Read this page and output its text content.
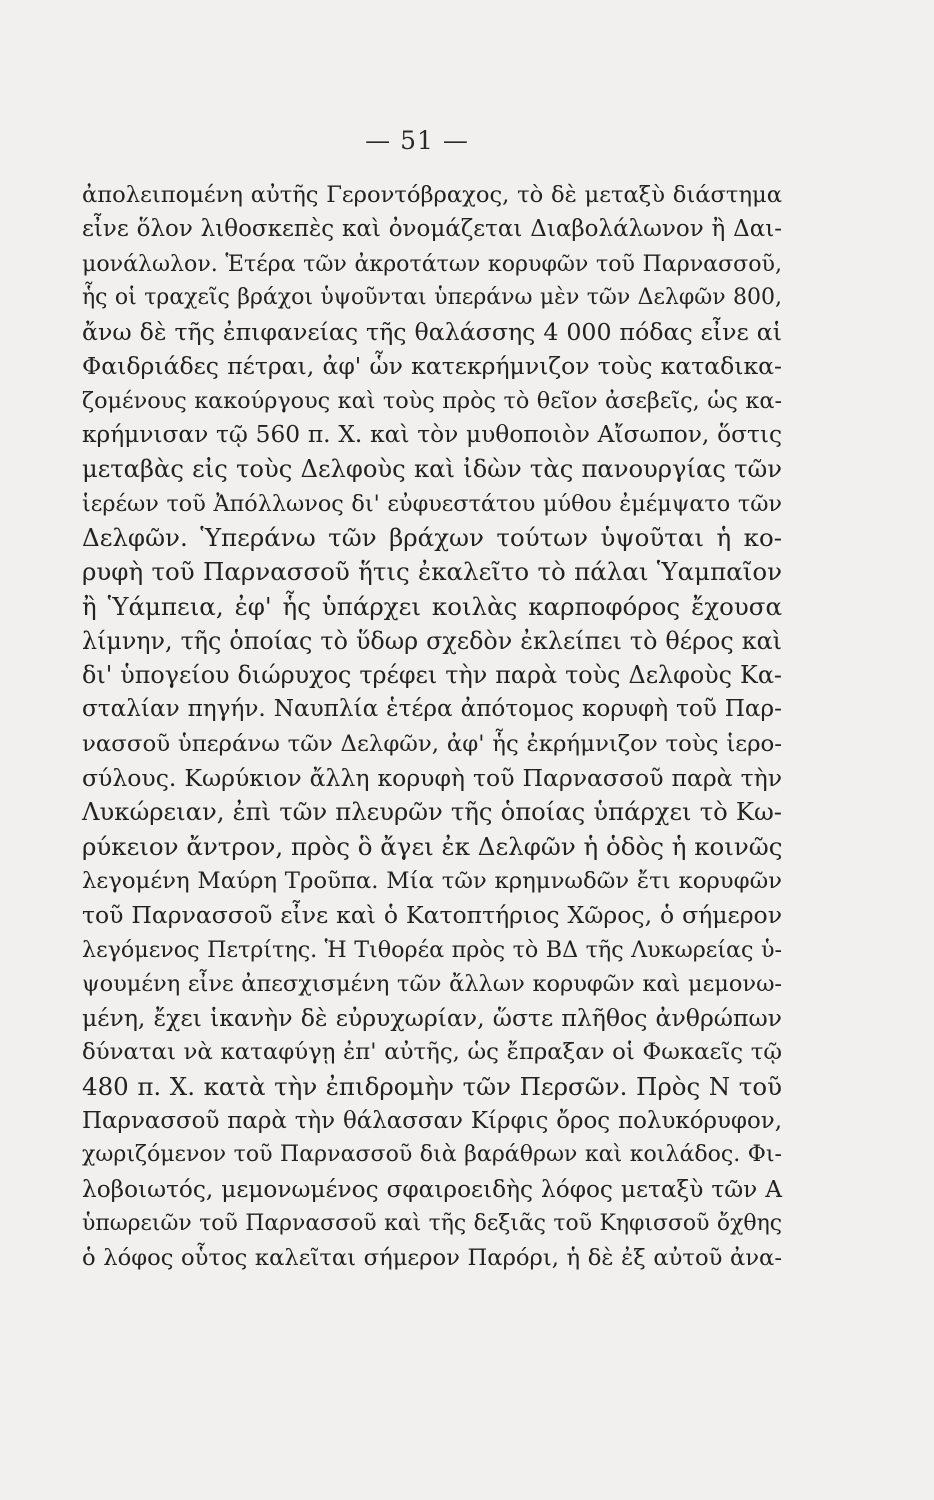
— 51 —
ἀπολειπομένη αὐτῆς Γεροντόβραχος, τὸ δὲ μεταξὺ διάστημα
εἶνε ὅλον λιθοσκεπὲς καὶ ὀνομάζεται Διαβολάλωνον ἢ Δαι-
μονάλωλον. Ἑτέρα τῶν ἀκροτάτων κορυφῶν τοῦ Παρνασσοῦ,
ἧς οἱ τραχεῖς βράχοι ὑψοῦνται ὑπεράνω μὲν τῶν Δελφῶν 800,
ἄνω δὲ τῆς ἐπιφανείας τῆς θαλάσσης 4 000 πόδας εἶνε αἱ
Φαιδριάδες πέτραι, ἀφ' ὧν κατεκρήμνιζον τοὺς καταδικα-
ζομένους κακούργους καὶ τοὺς πρὸς τὸ θεῖον ἀσεβεῖς, ὡς κα-
κρήμνισαν τῷ 560 π. Χ. καὶ τὸν μυθοποιὸν Αἴσωπον, ὅστις
μεταβὰς εἰς τοὺς Δελφοὺς καὶ ἰδὼν τὰς πανουργίας τῶν
ἱερέων τοῦ Ἀπόλλωνος δι' εὐφυεστάτου μύθου ἐμέμψατο τῶν
Δελφῶν. Ὑπεράνω τῶν βράχων τούτων ὑψοῦται ἡ κο-
ρυφὴ τοῦ Παρνασσοῦ ἥτις ἐκαλεῖτο τὸ πάλαι Ὑαμπαῖον
ἢ Ὑάμπεια, ἐφ' ἧς ὑπάρχει κοιλὰς καρποφόρος ἔχουσα
λίμνην, τῆς ὁποίας τὸ ὕδωρ σχεδὸν ἐκλείπει τὸ θέρος καὶ
δι' ὑπογείου διώρυχος τρέφει τὴν παρὰ τοὺς Δελφοὺς Κα-
σταλίαν πηγήν. Ναυπλία ἑτέρα ἀπότομος κορυφὴ τοῦ Παρ-
νασσοῦ ὑπεράνω τῶν Δελφῶν, ἀφ' ἧς ἐκρήμνιζον τοὺς ἱερο-
σύλους. Κωρύκιον ἄλλη κορυφὴ τοῦ Παρνασσοῦ παρὰ τὴν
Λυκώρειαν, ἐπὶ τῶν πλευρῶν τῆς ὁποίας ὑπάρχει τὸ Κω-
ρύκειον ἄντρον, πρὸς ὃ ἄγει ἐκ Δελφῶν ἡ ὁδὸς ἡ κοινῶς
λεγομένη Μαύρη Τροῦπα. Μία τῶν κρημνωδῶν ἔτι κορυφῶν
τοῦ Παρνασσοῦ εἶνε καὶ ὁ Κατοπτήριος Χῶρος, ὁ σήμερον
λεγόμενος Πετρίτης. Ἡ Τιθορέα πρὸς τὸ ΒΔ τῆς Λυκωρείας ὑ-
ψουμένη εἶνε ἀπεσχισμένη τῶν ἄλλων κορυφῶν καὶ μεμονω-
μένη, ἔχει ἱκανὴν δὲ εὐρυχωρίαν, ὥστε πλῆθος ἀνθρώπων
δύναται νὰ καταφύγῃ ἐπ' αὐτῆς, ὡς ἔπραξαν οἱ Φωκαεῖς τῷ
480 π. Χ. κατὰ τὴν ἐπιδρομὴν τῶν Περσῶν. Πρὸς Ν τοῦ
Παρνασσοῦ παρὰ τὴν θάλασσαν Κίρφις ὄρος πολυκόρυφον,
χωριζόμενον τοῦ Παρνασσοῦ διὰ βαράθρων καὶ κοιλάδος. Φι-
λοβοιωτός, μεμονωμένος σφαιροειδὴς λόφος μεταξὺ τῶν Α
ὑπωρειῶν τοῦ Παρνασσοῦ καὶ τῆς δεξιᾶς τοῦ Κηφισσοῦ ὄχθης
ὁ λόφος οὗτος καλεῖται σήμερον Παρόρι, ἡ δὲ ἐξ αὐτοῦ ἀνα-
